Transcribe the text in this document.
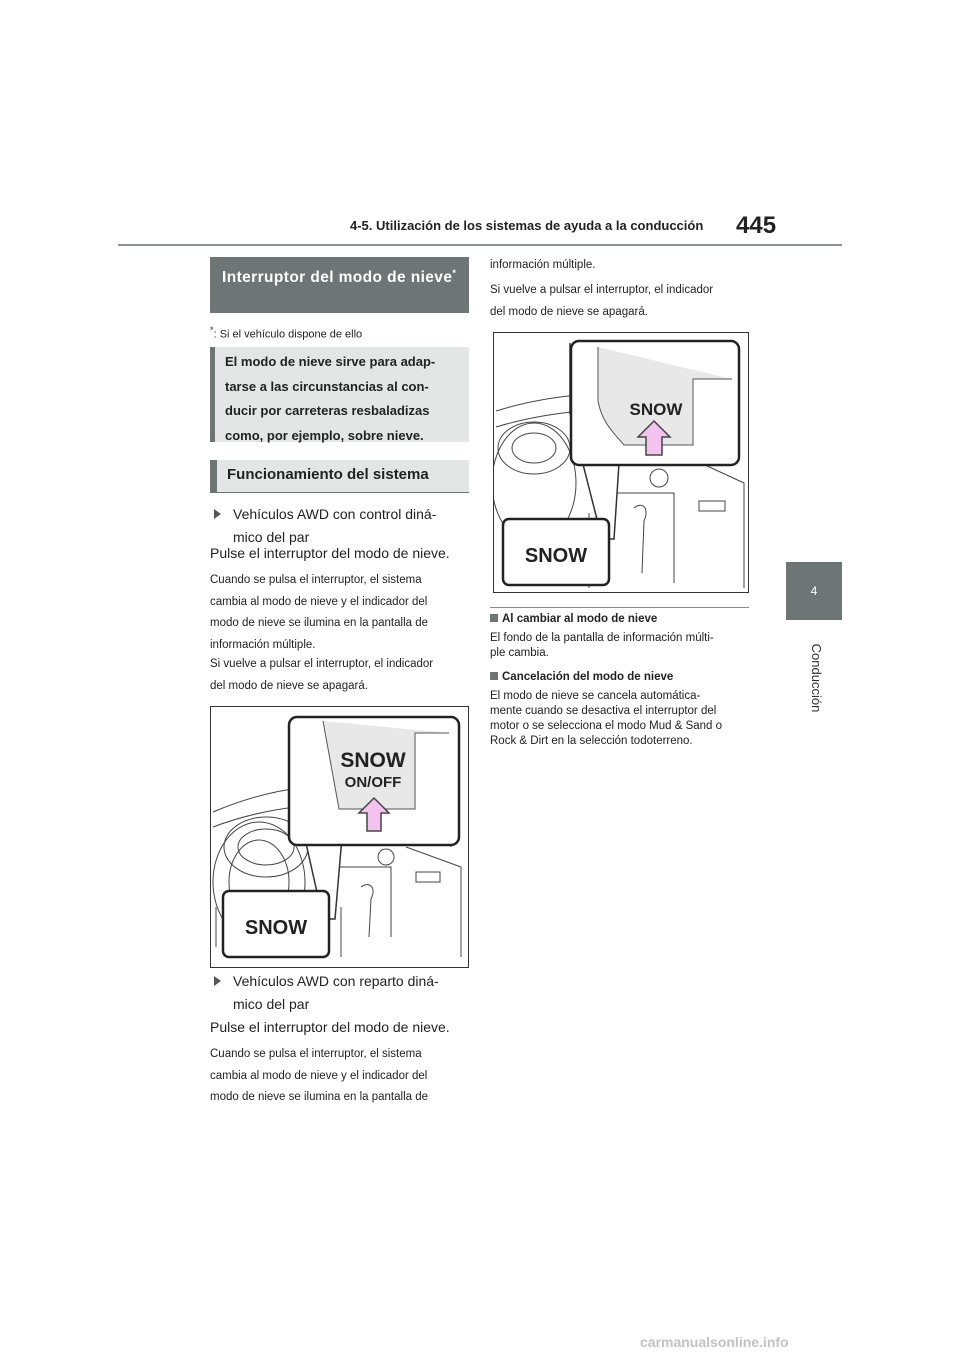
4-5. Utilización de los sistemas de ayuda a la conducción 445
4
Conducción
Interruptor del modo de nieve*
*: Si el vehículo dispone de ello
El modo de nieve sirve para adap-
tarse a las circunstancias al con-
ducir por carreteras resbaladizas
como, por ejemplo, sobre nieve.
Funcionamiento del sistema
Vehículos AWD con control diná-
mico del par
Pulse el interruptor del modo de nieve.
Cuando se pulsa el interruptor, el sistema
cambia al modo de nieve y el indicador del
modo de nieve se ilumina en la pantalla de
información múltiple.
Si vuelve a pulsar el interruptor, el indicador
del modo de nieve se apagará.
SNOW
ON/OFF
SNOW
Vehículos AWD con reparto diná-
mico del par
Pulse el interruptor del modo de nieve.
Cuando se pulsa el interruptor, el sistema
cambia al modo de nieve y el indicador del
modo de nieve se ilumina en la pantalla de
información múltiple.
Si vuelve a pulsar el interruptor, el indicador
del modo de nieve se apagará.
SNOW
SNOW
Al cambiar al modo de nieve
El fondo de la pantalla de información múlti-
ple cambia.
Cancelación del modo de nieve
El modo de nieve se cancela automática-
mente cuando se desactiva el interruptor del
motor o se selecciona el modo Mud & Sand o
Rock & Dirt en la selección todoterreno.
carmanualsonline.info
